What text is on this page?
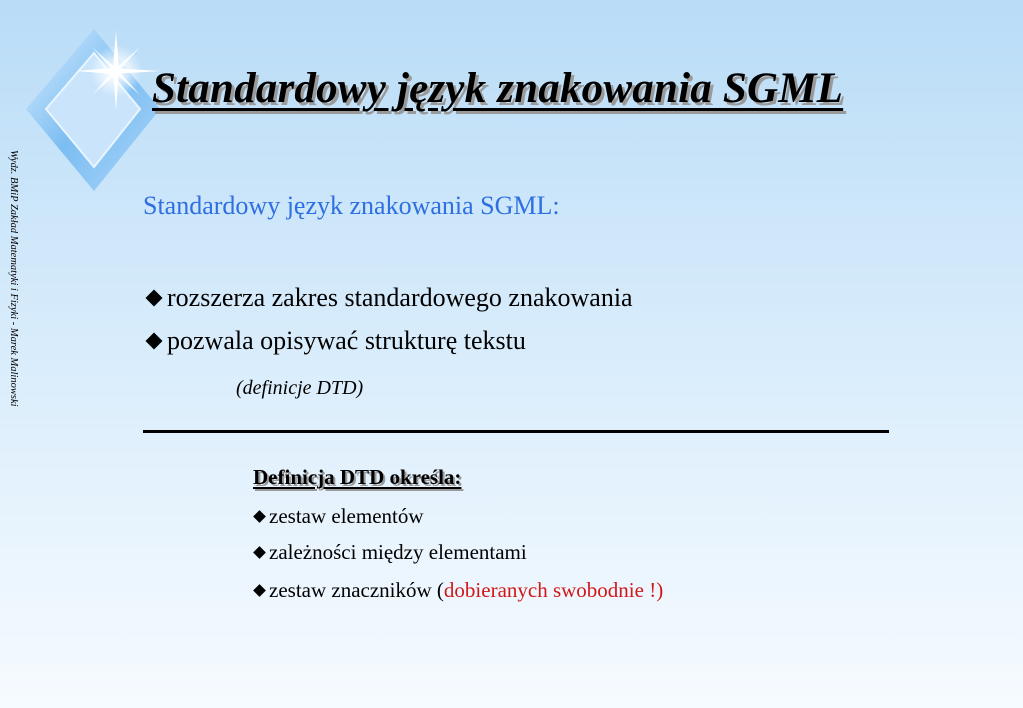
Wydz. BMiP Zakład Matematyki i Fizyki - Marek Malinowski
Standardowy język znakowania SGML
Standardowy język znakowania SGML:
rozszerza zakres standardowego znakowania
pozwala opisywać strukturę tekstu
(definicje DTD)
Definicja DTD określa:
zestaw elementów
zależności między elementami
zestaw znaczników ( dobieranych swobodnie ! )
